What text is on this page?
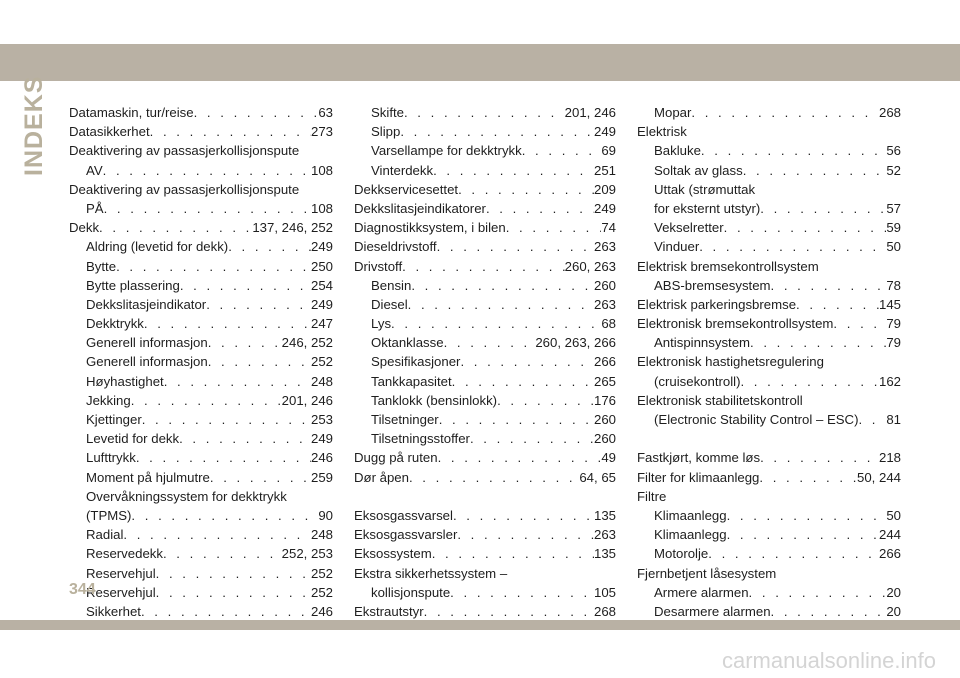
INDEKS Datamaskin, tur/reise . . .	63
Datasikkerhet . . .	273
Deaktivering av passasjerkollisjonspute
AV . . .	108
Deaktivering av passasjerkollisjonspute
PÅ . . .	108
Dekk . . .	137, 246, 252
Aldring (levetid for dekk) . . .	249
Bytte . . .	250
Bytte plassering . . .	254
Dekkslitasjeindikator . . .	249
Dekktrykk . . .	247
Generell informasjon . . .	246, 252
Generell informasjon . . .	252
Høyhastighet . . .	248
Jekking . . .	201, 246
Kjettinger . . .	253
Levetid for dekk . . .	249
Lufttrykk . . .	246
Moment på hjulmutre . . .	259
Overvåkningssystem for dekktrykk
(TPMS) . . .	90
Radial . . .	248
Reservedekk . . .	252, 253
Reservehjul . . .	252
Reservehjul . . .	252
Sikkerhet . . .	246
Skifte . . .	201, 246
Slipp . . .	249
Varsellampe for dekktrykk . . .	69
Vinterdekk . . .	251
Dekkservicesettet . . .	209
Dekkslitasjeindikatorer . . .	249
Diagnostikksystem, i bilen . . .	74
Dieseldrivstoff . . .	263
Drivstoff . . .	260, 263
Bensin . . .	260
Diesel . . .	263
Lys . . .	68
Oktanklasse . . .	260, 263, 266
Spesifikasjoner . . .	266
Tankkapasitet . . .	265
Tanklokk (bensinlokk) . . .	176
Tilsetninger . . .	260
Tilsetningsstoffer . . .	260
Dugg på ruten . . .	49
Dør åpen . . .	64, 65
Eksosgassvarsel . . .	135
Eksosgassvarsler . . .	263
Eksossystem . . .	135
Ekstra sikkerhetssystem –
kollisjonspute . . .	105
Ekstrautstyr . . .	268
Mopar . . .	268
Elektrisk
Bakluke . . .	56
Soltak av glass . . .	52
Uttak (strømuttak
for eksternt utstyr) . . .	57
Vekselretter . . .	59
Vinduer . . .	50
Elektrisk bremsekontrollsystem
ABS-bremsesystem . . .	78
Elektrisk parkeringsbremse . . .	145
Elektronisk bremsekontrollsystem . . .	79
Antispinnsystem . . .	79
Elektronisk hastighetsregulering
(cruisekontroll) . . .	162
Elektronisk stabilitetskontroll
(Electronic Stability Control – ESC) . . . 81
Fastkjørt, komme løs . . .	218
Filter for klimaanlegg . . .	50, 244
Filtre
Klimaanlegg . . .	50
Klimaanlegg . . .	244
Motorolje . . .	266
Fjernbetjent låsesystem
Armere alarmen . . .	20
Desarmere alarmen . . .	20
344
carmanualsonline.info
